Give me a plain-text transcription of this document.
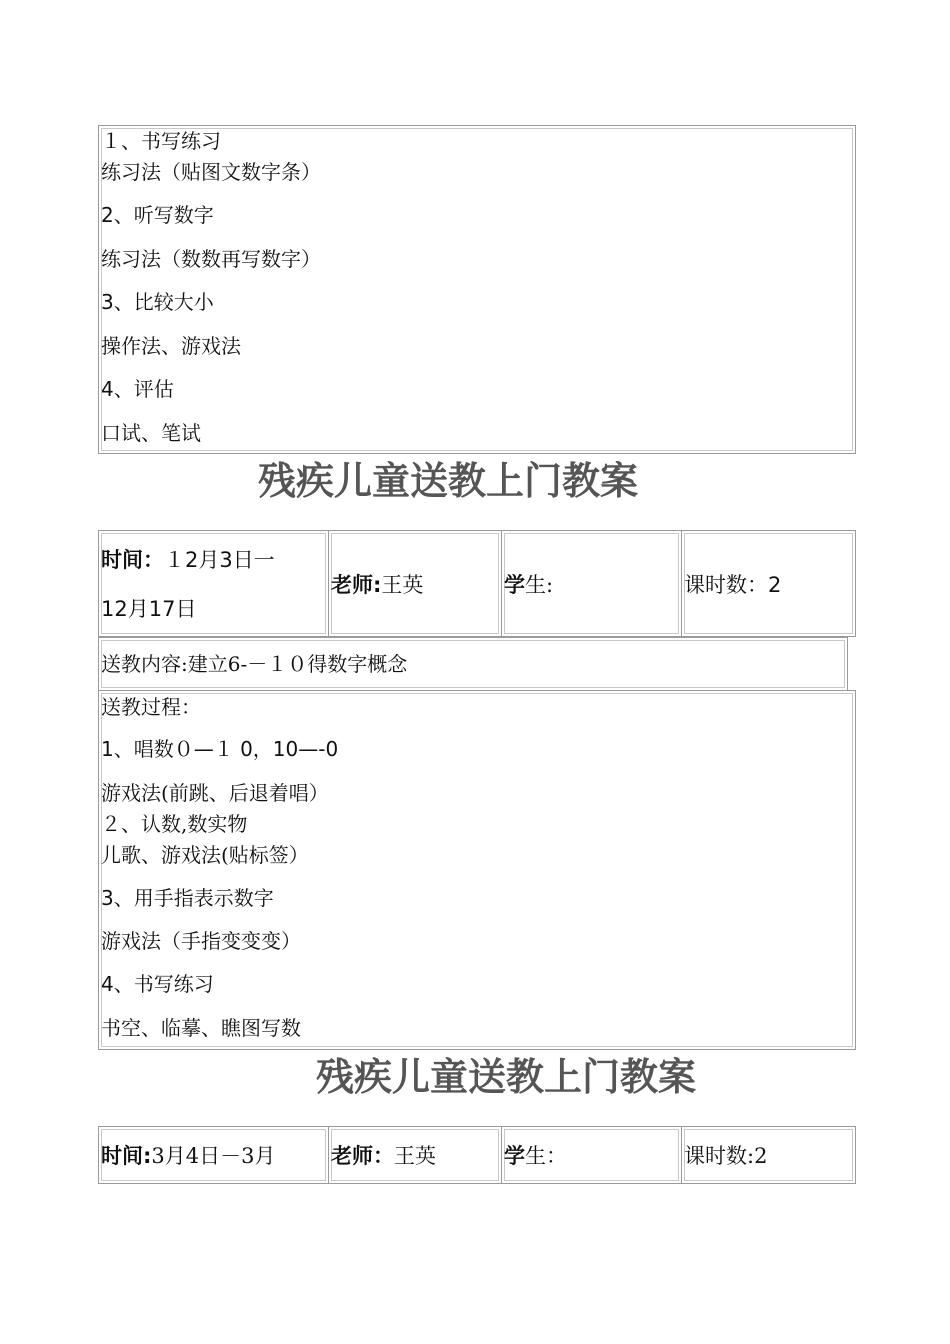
１、书写练习
练习法（贴图文数字条）
2、听写数字
练习法（数数再写数字）
3、比较大小
操作法、游戏法
4、评估
口试、笔试
残疾儿童送教上门教案
时间：１2月3日一
12月17日
老师:王英	学生:	课时数：2
送教内容:建立6-－１０得数字概念
送教过程：
1、唱数０—１ 0，10—-0
游戏法(前跳、后退着唱）
２、认数,数实物
儿歌、游戏法(贴标签）
3、用手指表示数字
游戏法（手指变变变）
4、书写练习
书空、临摹、瞧图写数
残疾儿童送教上门教案
时间:3月4日－3月	老师：王英	学生：	课时数:2
